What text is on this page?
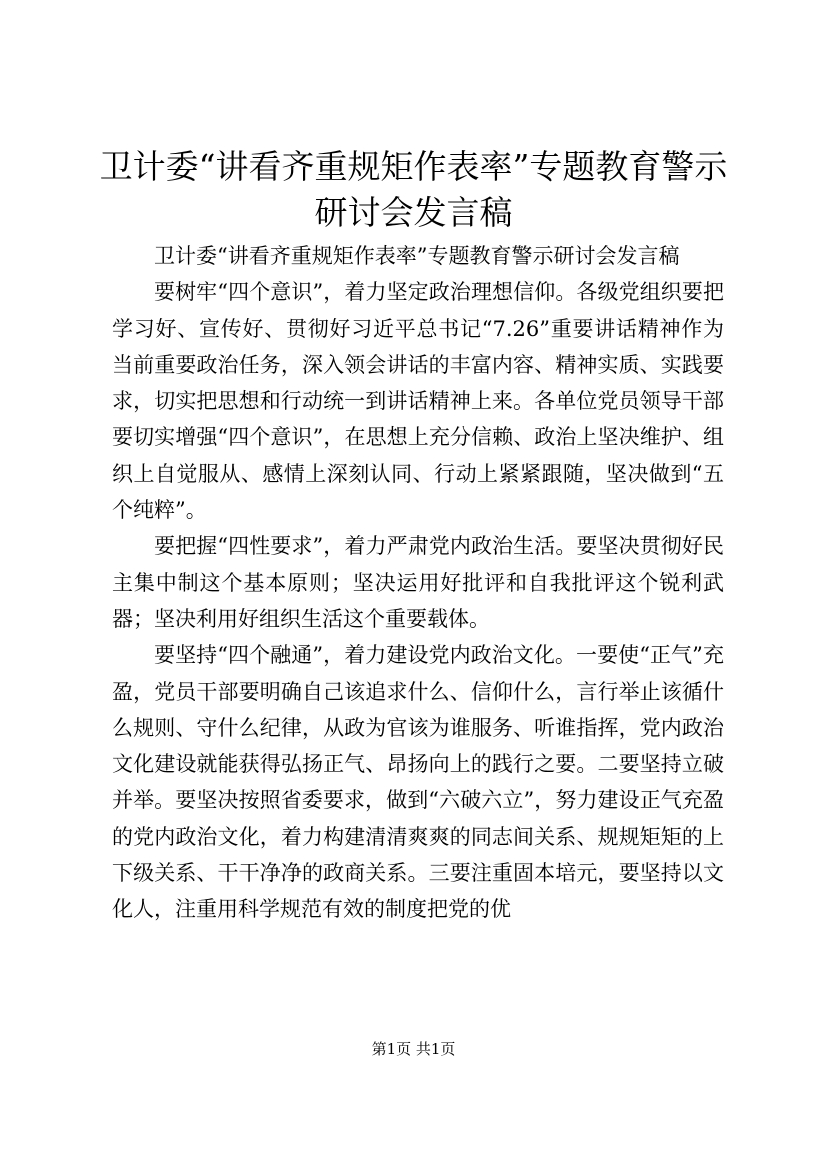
卫计委“讲看齐重规矩作表率”专题教育警示
研讨会发言稿

卫计委“讲看齐重规矩作表率”专题教育警示研讨会发言稿

要树牢“四个意识”，着力坚定政治理想信仰。各级党组织要把学习好、宣传好、贯彻好习近平总书记“7.26”重要讲话精神作为当前重要政治任务，深入领会讲话的丰富内容、精神实质、实践要求，切实把思想和行动统一到讲话精神上来。各单位党员领导干部要切实增强“四个意识”，在思想上充分信赖、政治上坚决维护、组织上自觉服从、感情上深刻认同、行动上紧紧跟随，坚决做到“五个纯粹”。

要把握“四性要求”，着力严肃党内政治生活。要坚决贯彻好民主集中制这个基本原则；坚决运用好批评和自我批评这个锐利武器；坚决利用好组织生活这个重要载体。

要坚持“四个融通”，着力建设党内政治文化。一要使“正气”充盈，党员干部要明确自己该追求什么、信仰什么，言行举止该循什么规则、守什么纪律，从政为官该为谁服务、听谁指挥，党内政治文化建设就能获得弘扬正气、昂扬向上的践行之要。二要坚持立破并举。要坚决按照省委要求，做到“六破六立”，努力建设正气充盈的党内政治文化，着力构建清清爽爽的同志间关系、规规矩矩的上下级关系、干干净净的政商关系。三要注重固本培元，要坚持以文化人，注重用科学规范有效的制度把党的优

第1页 共1页
